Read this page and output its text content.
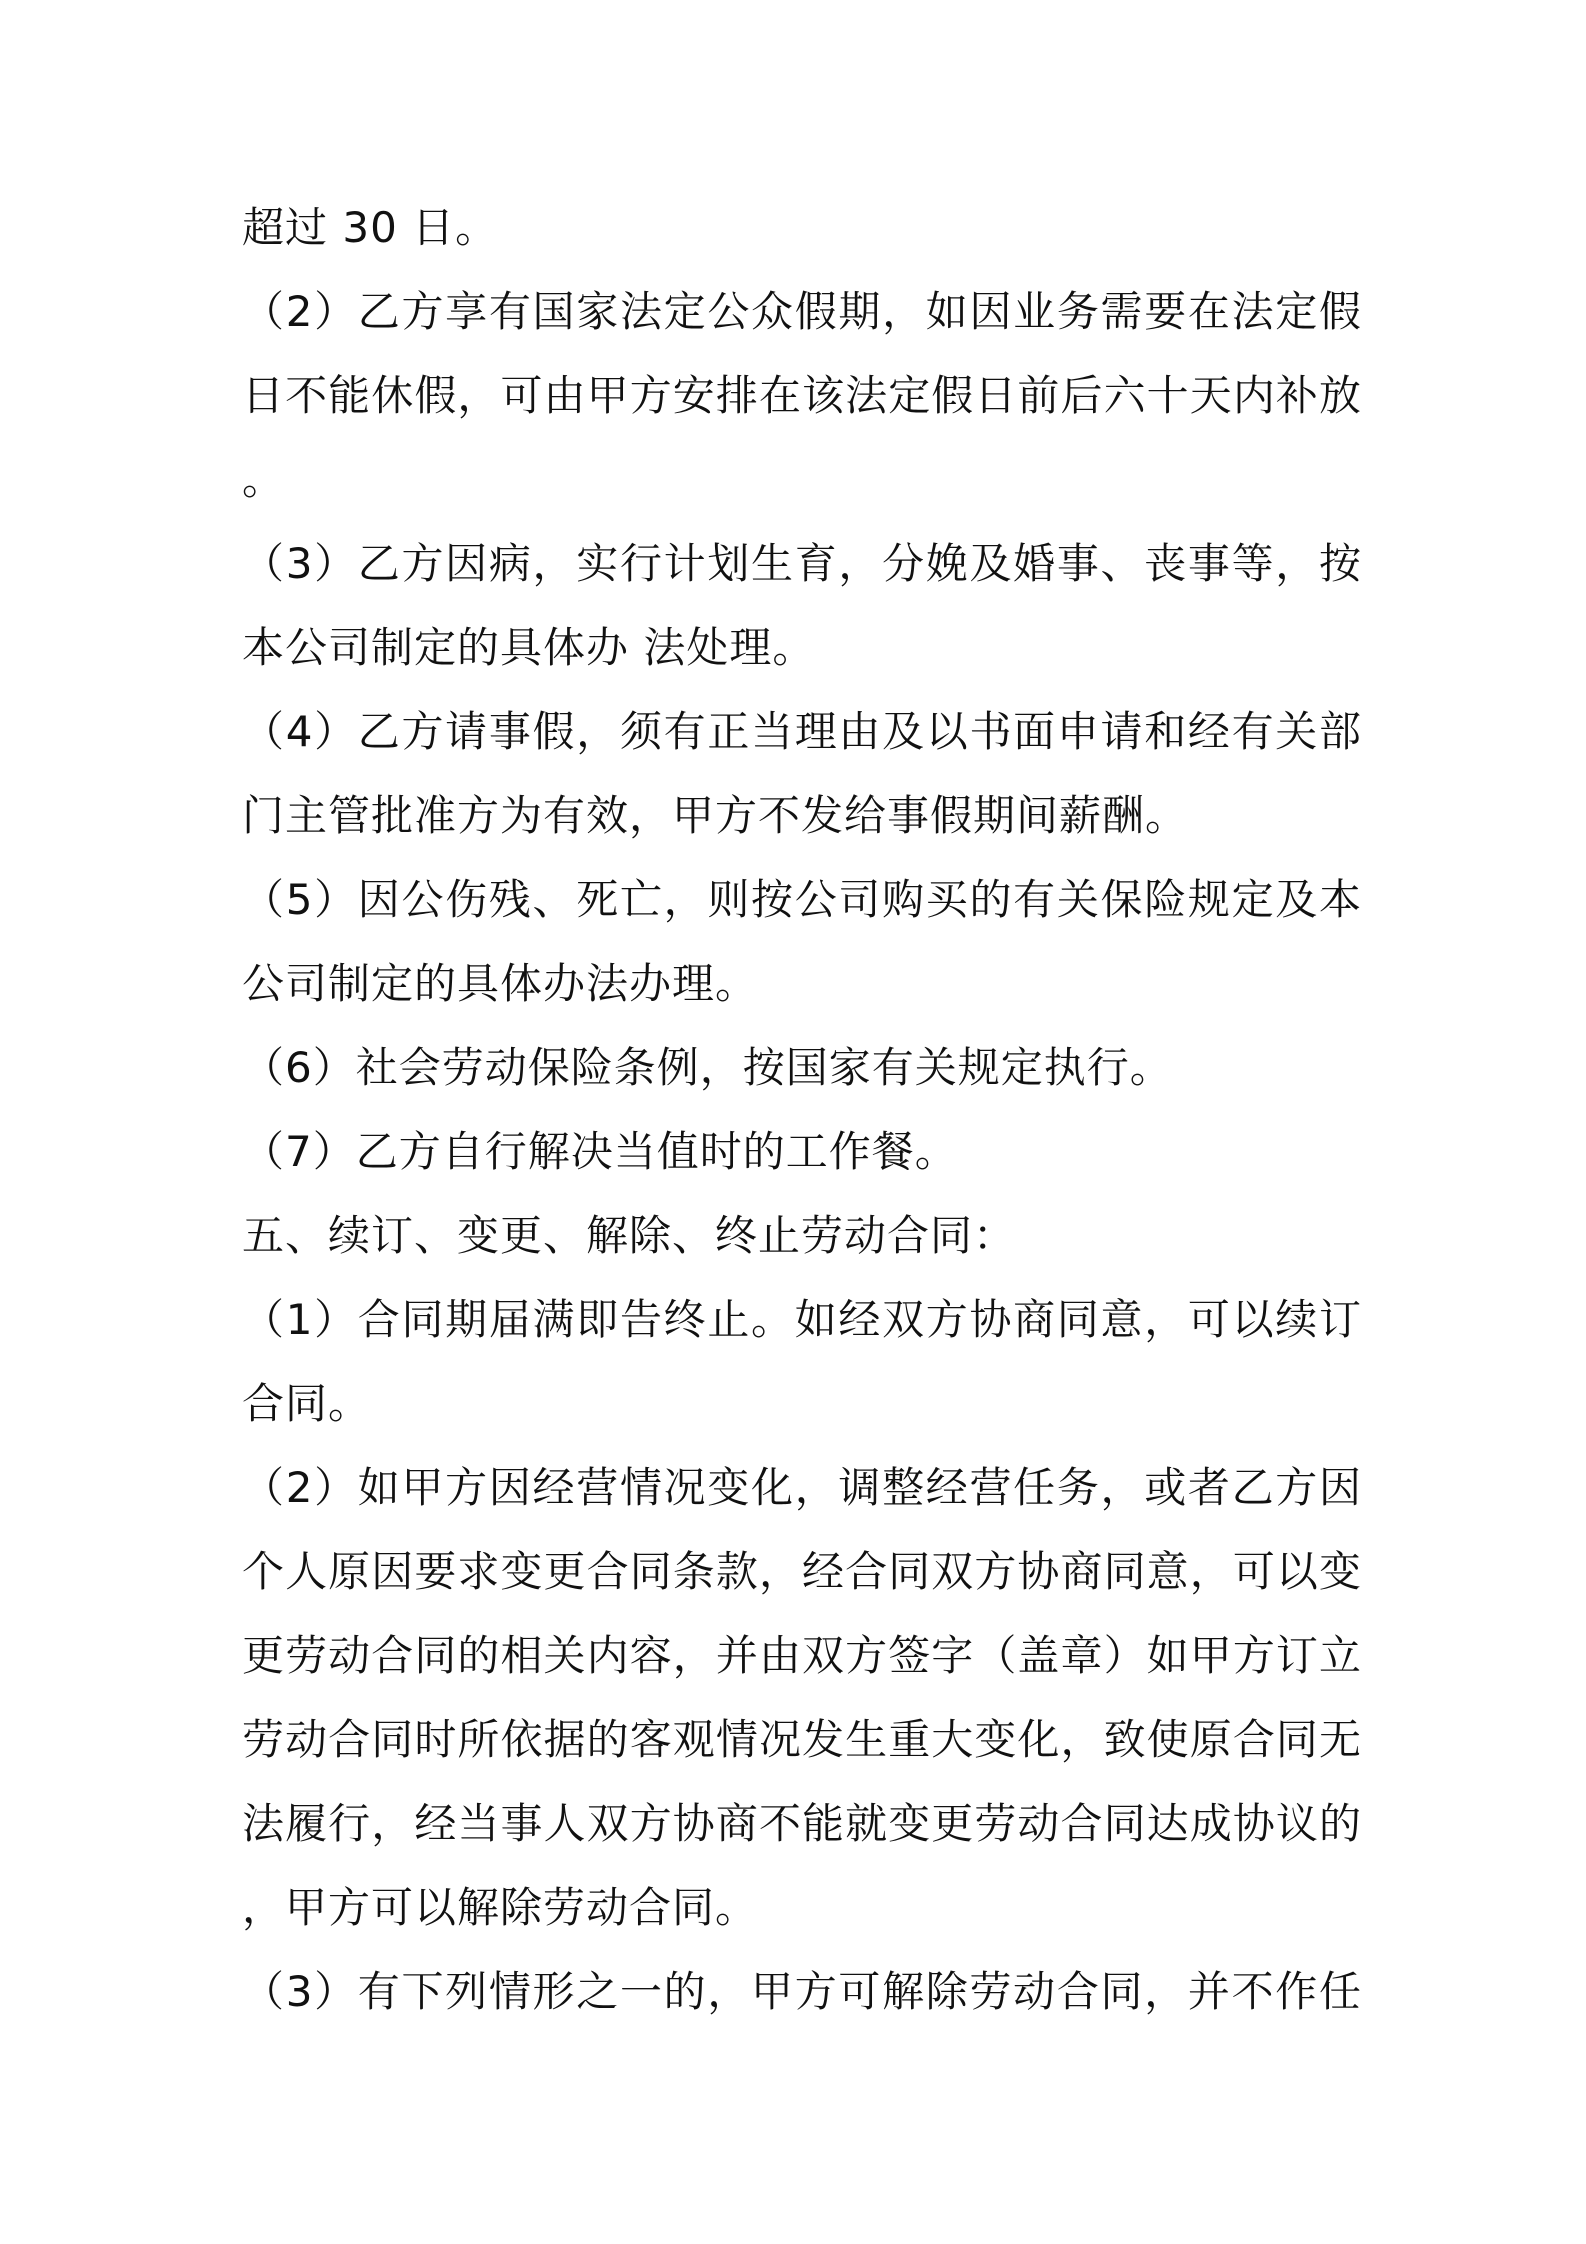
超过 30 日。
（2）乙方享有国家法定公众假期，如因业务需要在法定假
日不能休假，可由甲方安排在该法定假日前后六十天内补放
。
（3）乙方因病，实行计划生育，分娩及婚事、丧事等，按
本公司制定的具体办 法处理。
（4）乙方请事假，须有正当理由及以书面申请和经有关部
门主管批准方为有效，甲方不发给事假期间薪酬。
（5）因公伤残、死亡，则按公司购买的有关保险规定及本
公司制定的具体办法办理。
（6）社会劳动保险条例，按国家有关规定执行。
（7）乙方自行解决当值时的工作餐。
五、续订、变更、解除、终止劳动合同：
（1）合同期届满即告终止。如经双方协商同意，可以续订
合同。
（2）如甲方因经营情况变化，调整经营任务，或者乙方因
个人原因要求变更合同条款，经合同双方协商同意，可以变
更劳动合同的相关内容，并由双方签字（盖章）如甲方订立
劳动合同时所依据的客观情况发生重大变化，致使原合同无
法履行，经当事人双方协商不能就变更劳动合同达成协议的
，甲方可以解除劳动合同。
（3）有下列情形之一的，甲方可解除劳动合同，并不作任
